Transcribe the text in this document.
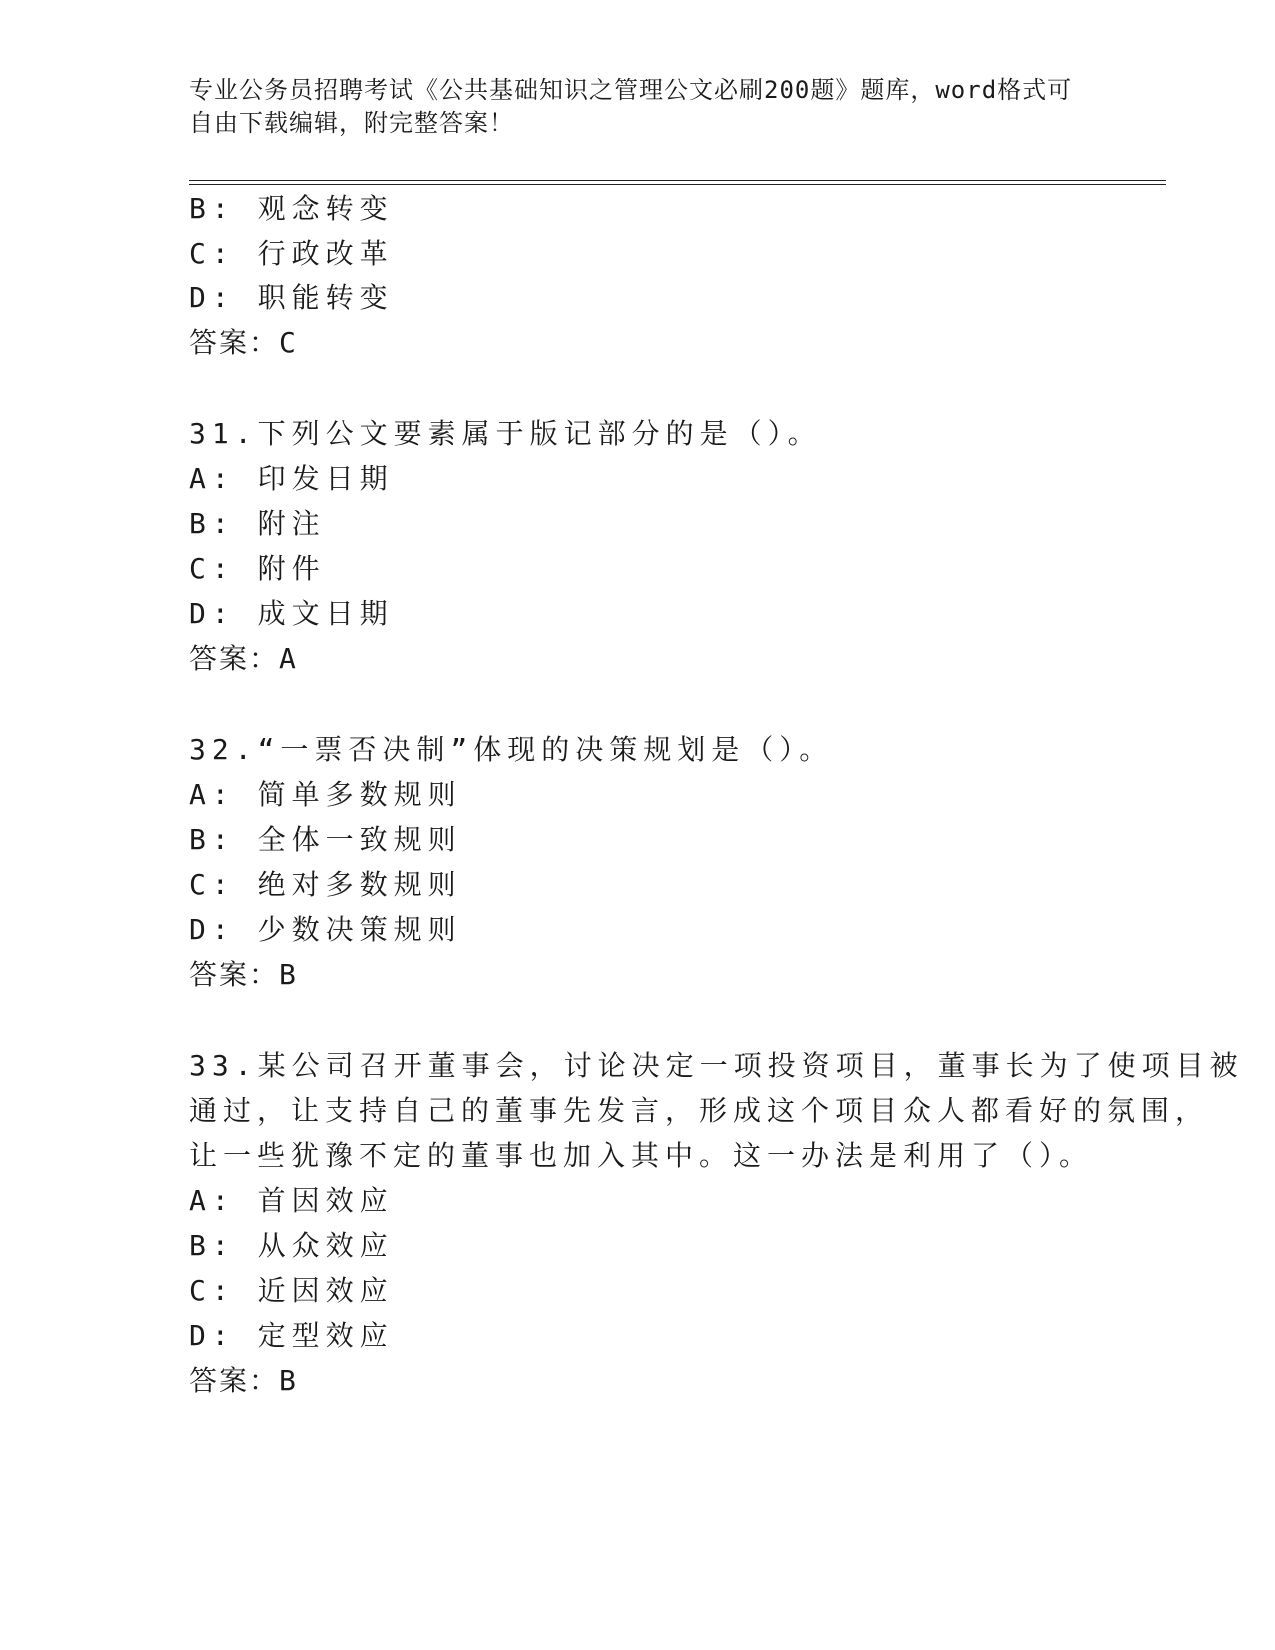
专业公务员招聘考试《公共基础知识之管理公文必刷200题》题库，word格式可
自由下载编辑，附完整答案！
B: 观念转变
C: 行政改革
D: 职能转变
答案：C
31.下列公文要素属于版记部分的是（）。
A: 印发日期
B: 附注
C: 附件
D: 成文日期
答案：A
32.“一票否决制”体现的决策规划是（）。
A: 简单多数规则
B: 全体一致规则
C: 绝对多数规则
D: 少数决策规则
答案：B
33.某公司召开董事会，讨论决定一项投资项目，董事长为了使项目被
通过，让支持自己的董事先发言，形成这个项目众人都看好的氛围，
让一些犹豫不定的董事也加入其中。这一办法是利用了（）。
A: 首因效应
B: 从众效应
C: 近因效应
D: 定型效应
答案：B
